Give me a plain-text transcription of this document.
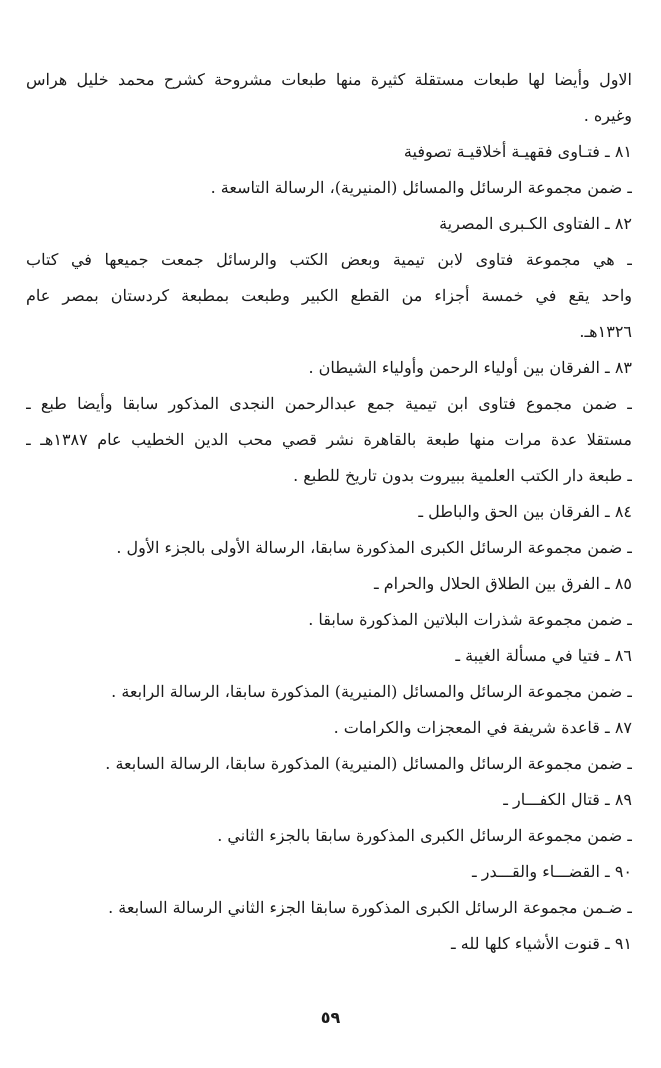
الاول وأيضا لها طبعات مستقلة كثيرة منها طبعات مشروحة كشرح محمد خليل هراس
وغيره .
٨١ ـ فتـاوى فقهيـة أخلاقيـة تصوفية
ـ ضمن مجموعة الرسائل والمسائل (المنيرية)، الرسالة التاسعة .
٨٢ ـ الفتاوى الكـبرى المصرية
ـ هي مجموعة فتاوى لابن تيمية وبعض الكتب والرسائل جمعت جميعها في كتاب
واحد يقع في خمسة أجزاء من القطع الكبير وطبعت بمطبعة كردستان بمصر عام
١٣٢٦هـ.
٨٣ ـ الفرقان بين أولياء الرحمن وأولياء الشيطان .
ـ ضمن مجموع فتاوى ابن تيمية جمع عبدالرحمن النجدى المذكور سابقا وأيضا طبع ـ
مستقلا عدة مرات منها طبعة بالقاهرة نشر قصي محب الدين الخطيب عام ١٣٨٧هـ ـ
ـ طبعة دار الكتب العلمية ببيروت بدون تاريخ للطبع .
٨٤ ـ الفرقان بين الحق والباطل ـ
ـ ضمن مجموعة الرسائل الكبرى المذكورة سابقا، الرسالة الأولى بالجزء الأول .
٨٥ ـ الفرق بين الطلاق الحلال والحرام ـ
ـ ضمن مجموعة شذرات البلاتين المذكورة سابقا .
٨٦ ـ فتيا في مسألة الغيبة ـ
ـ ضمن مجموعة الرسائل والمسائل (المنيرية) المذكورة سابقا، الرسالة الرابعة .
٨٧ ـ قاعدة شريفة في المعجزات والكرامات .
ـ ضمن مجموعة الرسائل والمسائل (المنيرية) المذكورة سابقا، الرسالة السابعة .
٨٩ ـ قتال الكفـــار ـ
ـ ضمن مجموعة الرسائل الكبرى المذكورة سابقا بالجزء الثاني .
٩٠ ـ القضـــاء والقـــدر ـ
ـ ضـمن مجموعة الرسائل الكبرى المذكورة سابقا الجزء الثاني الرسالة السابعة .
٩١ ـ قنوت الأشياء كلها لله ـ
٥٩
